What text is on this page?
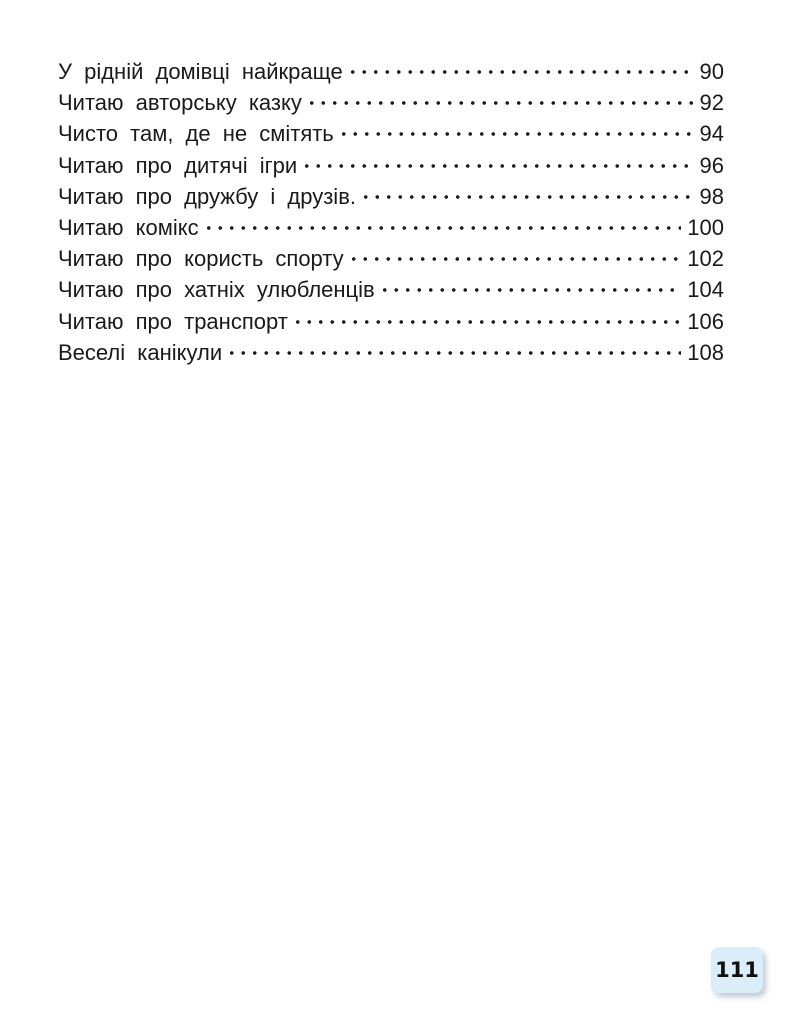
У рідній домівці найкраще	90
Читаю авторську казку	92
Чисто там, де не смітять	94
Читаю про дитячі ігри	96
Читаю про дружбу і друзів.	98
Читаю комікс	100
Читаю про користь спорту	102
Читаю про хатніх улюбленців	104
Читаю про транспорт	106
Веселі канікули	108
111
